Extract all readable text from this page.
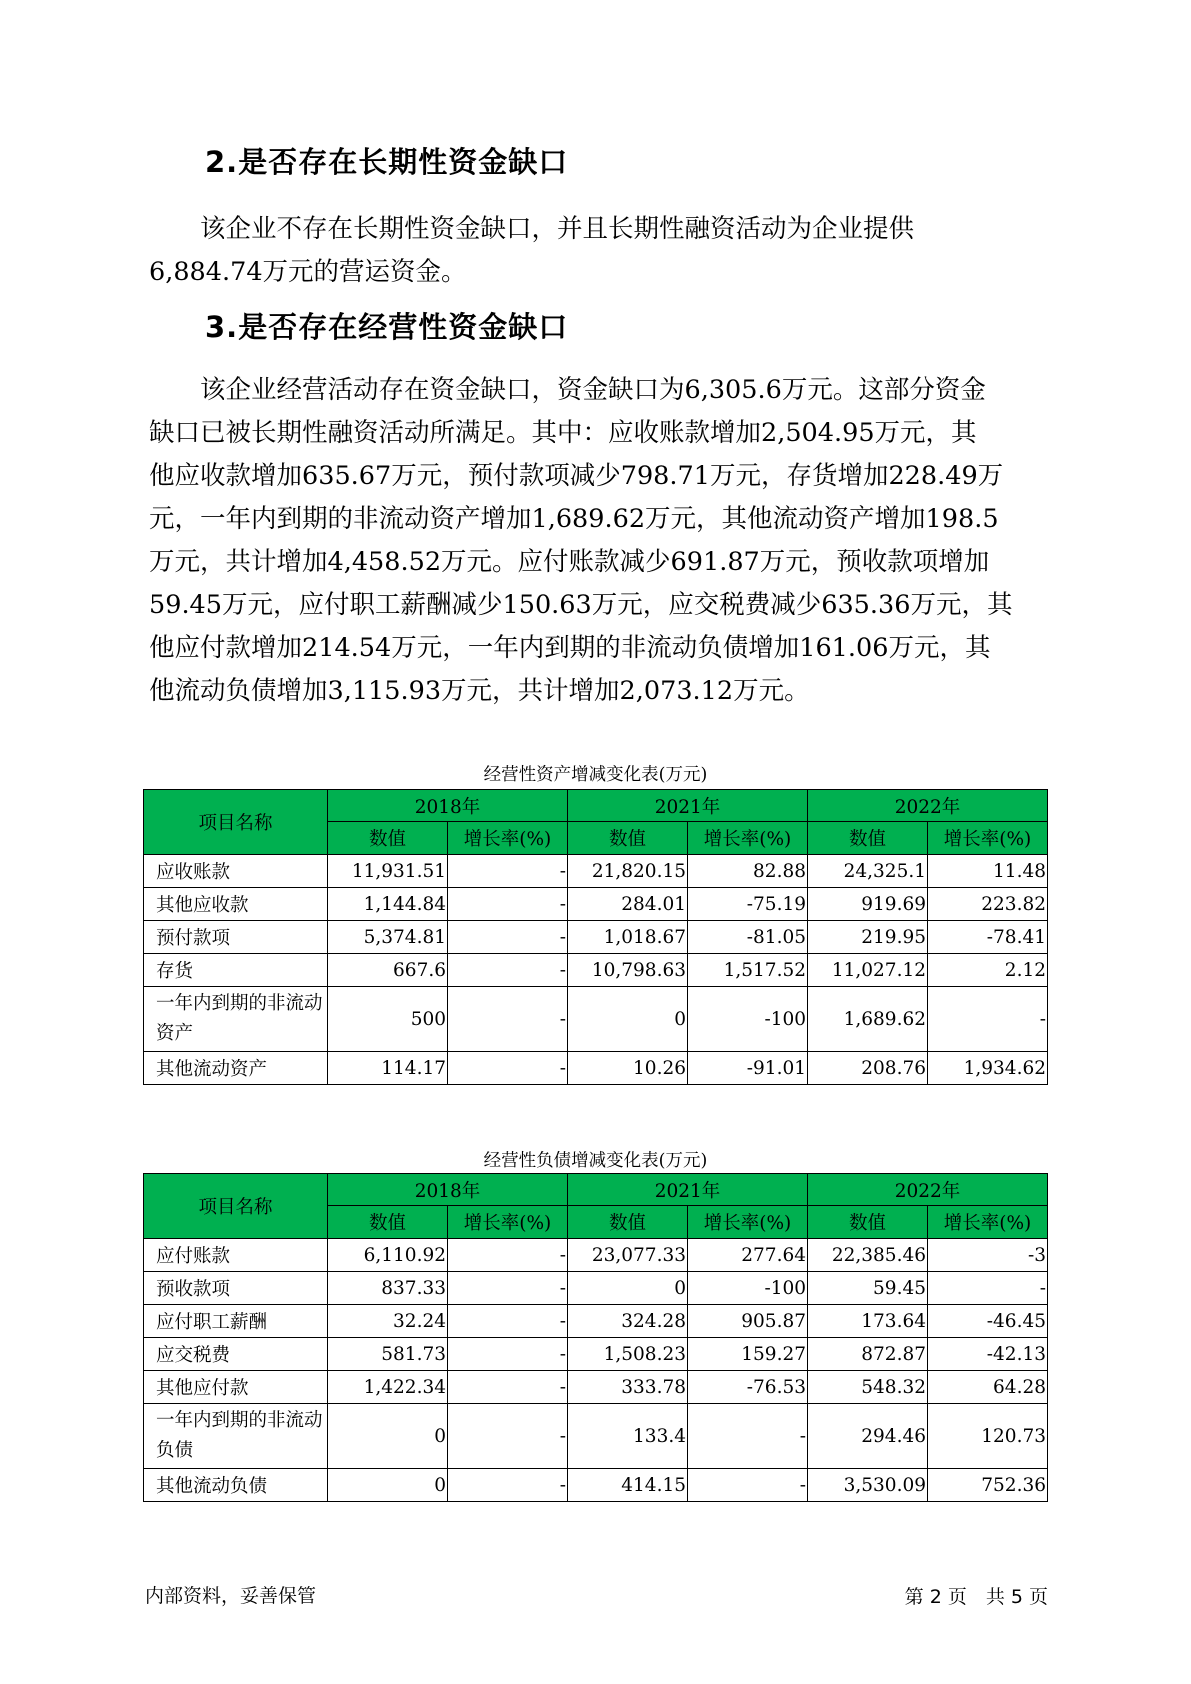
2.是否存在长期性资金缺口

　　该企业不存在长期性资金缺口，并且长期性融资活动为企业提供

6,884.74万元的营运资金。

3.是否存在经营性资金缺口

　　该企业经营活动存在资金缺口，资金缺口为6,305.6万元。这部分资金

缺口已被长期性融资活动所满足。其中：应收账款增加2,504.95万元，其

他应收款增加635.67万元，预付款项减少798.71万元，存货增加228.49万

元，一年内到期的非流动资产增加1,689.62万元，其他流动资产增加198.5

万元，共计增加4,458.52万元。应付账款减少691.87万元，预收款项增加

59.45万元，应付职工薪酬减少150.63万元，应交税费减少635.36万元，其

他应付款增加214.54万元，一年内到期的非流动负债增加161.06万元，其

他流动负债增加3,115.93万元，共计增加2,073.12万元。

经营性资产增减变化表(万元)
项目名称	2018年		2021年		2022年	
	数值	增长率(%)	数值	增长率(%)	数值	增长率(%)
应收账款	11,931.51	-	21,820.15	82.88	24,325.1	11.48
其他应收款	1,144.84	-	284.01	-75.19	919.69	223.82
预付款项	5,374.81	-	1,018.67	-81.05	219.95	-78.41
存货	667.6	-	10,798.63	1,517.52	11,027.12	2.12
一年内到期的非流动资产	500	-	0	-100	1,689.62	-
其他流动资产	114.17	-	10.26	-91.01	208.76	1,934.62
经营性负债增减变化表(万元)
项目名称	2018年		2021年		2022年	
	数值	增长率(%)	数值	增长率(%)	数值	增长率(%)
应付账款	6,110.92	-	23,077.33	277.64	22,385.46	-3
预收款项	837.33	-	0	-100	59.45	-
应付职工薪酬	32.24	-	324.28	905.87	173.64	-46.45
应交税费	581.73	-	1,508.23	159.27	872.87	-42.13
其他应付款	1,422.34	-	333.78	-76.53	548.32	64.28
一年内到期的非流动负债	0	-	133.4	-	294.46	120.73
其他流动负债	0	-	414.15	-	3,530.09	752.36
内部资料，妥善保管	第 2 页　共 5 页
